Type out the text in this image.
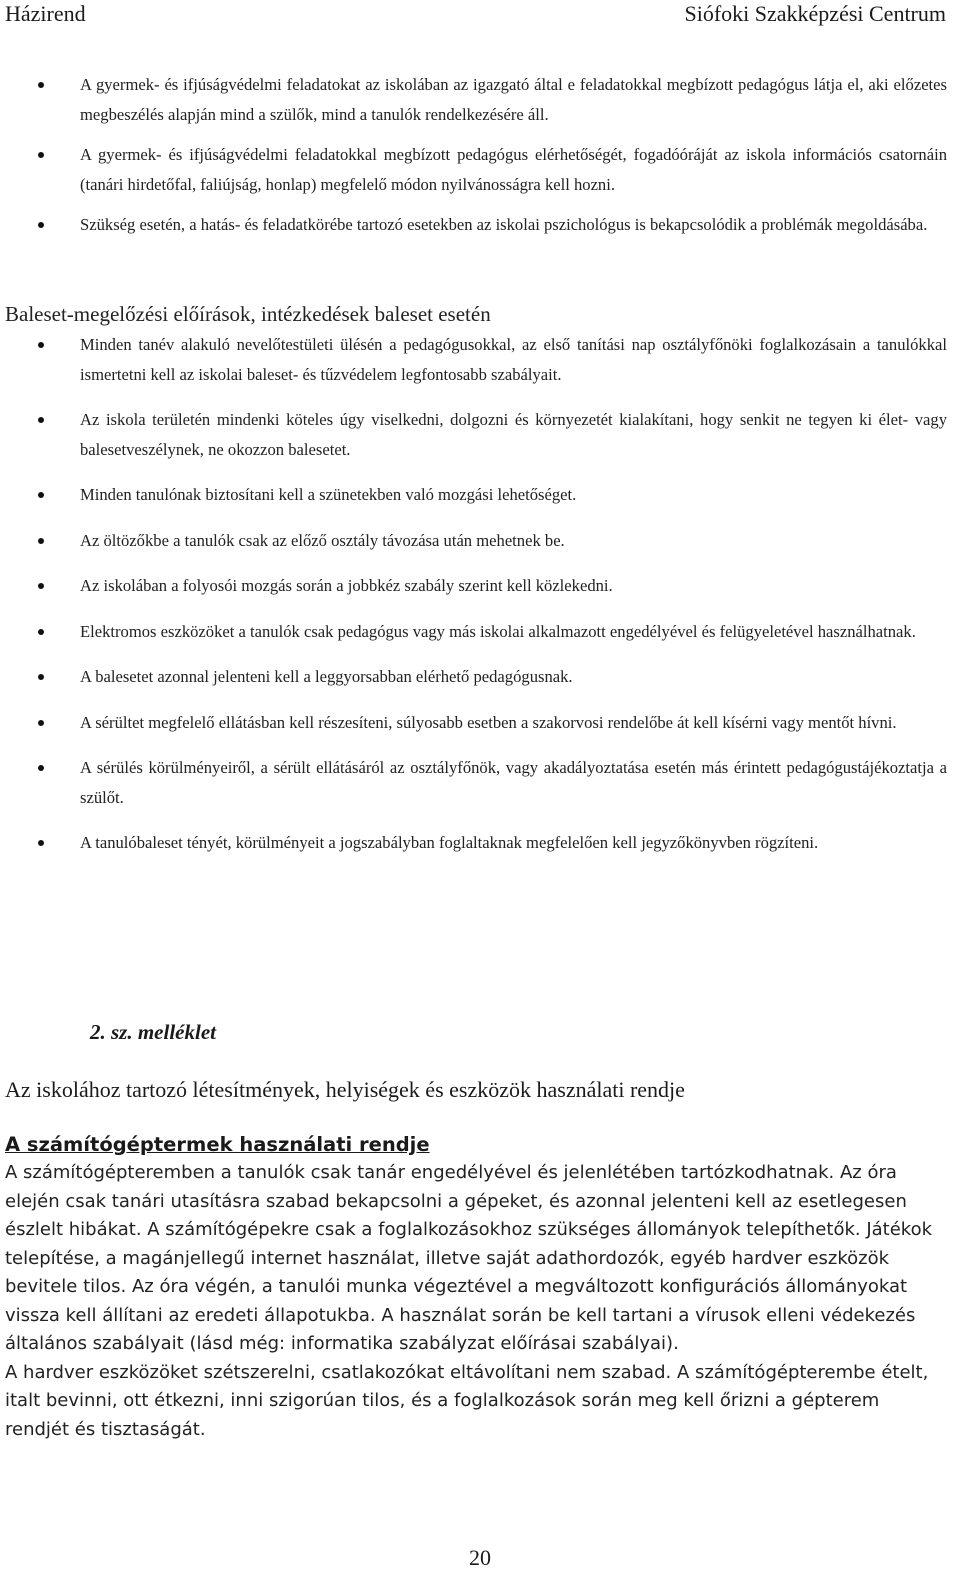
Házirend	Siófoki Szakképzési Centrum
A gyermek- és ifjúságvédelmi feladatokat az iskolában az igazgató által e feladatokkal megbízott pedagógus látja el, aki előzetes megbeszélés alapján mind a szülők, mind a tanulók rendelkezésére áll.
A gyermek- és ifjúságvédelmi feladatokkal megbízott pedagógus elérhetőségét, fogadóóráját az iskola információs csatornáin (tanári hirdetőfal, faliújság, honlap) megfelelő módon nyilvánosságra kell hozni.
Szükség esetén, a hatás- és feladatkörébe tartozó esetekben az iskolai pszichológus is bekapcsolódik a problémák megoldásába.
Baleset-megelőzési előírások, intézkedések baleset esetén
Minden tanév alakuló nevelőtestületi ülésén a pedagógusokkal, az első tanítási nap osztályfőnöki foglalkozásain a tanulókkal ismertetni kell az iskolai baleset- és tűzvédelem legfontosabb szabályait.
Az iskola területén mindenki köteles úgy viselkedni, dolgozni és környezetét kialakítani, hogy senkit ne tegyen ki élet- vagy balesetveszélynek, ne okozzon balesetet.
Minden tanulónak biztosítani kell a szünetekben való mozgási lehetőséget.
Az öltözőkbe a tanulók csak az előző osztály távozása után mehetnek be.
Az iskolában a folyosói mozgás során a jobbkéz szabály szerint kell közlekedni.
Elektromos eszközöket a tanulók csak pedagógus vagy más iskolai alkalmazott engedélyével és felügyeletével használhatnak.
A balesetet azonnal jelenteni kell a leggyorsabban elérhető pedagógusnak.
A sérültet megfelelő ellátásban kell részesíteni, súlyosabb esetben a szakorvosi rendelőbe át kell kísérni vagy mentőt hívni.
A sérülés körülményeiről, a sérült ellátásáról az osztályfőnök, vagy akadályoztatása esetén más érintett pedagógustájékoztatja a szülőt.
A tanulóbaleset tényét, körülményeit a jogszabályban foglaltaknak megfelelően kell jegyzőkönyvben rögzíteni.
2. sz. melléklet
Az iskolához tartozó létesítmények, helyiségek és eszközök használati rendje
A számítógéptermek használati rendje

A számítógépteremben a tanulók csak tanár engedélyével és jelenlétében tartózkodhatnak. Az óra elején csak tanári utasításra szabad bekapcsolni a gépeket, és azonnal jelenteni kell az esetlegesen észlelt hibákat. A számítógépekre csak a foglalkozásokhoz szükséges állományok telepíthetők. Játékok telepítése, a magánjellegű internet használat, illetve saját adathordozók, egyéb hardver eszközök bevitele tilos. Az óra végén, a tanulói munka végeztével a megváltozott konfigurációs állományokat vissza kell állítani az eredeti állapotukba. A használat során be kell tartani a vírusok elleni védekezés általános szabályait (lásd még: informatika szabályzat előírásai szabályai).

A hardver eszközöket szétszerelni, csatlakozókat eltávolítani nem szabad. A számítógépterembe ételt, italt bevinni, ott étkezni, inni szigorúan tilos, és a foglalkozások során meg kell őrizni a gépterem rendjét és tisztaságát.

20
